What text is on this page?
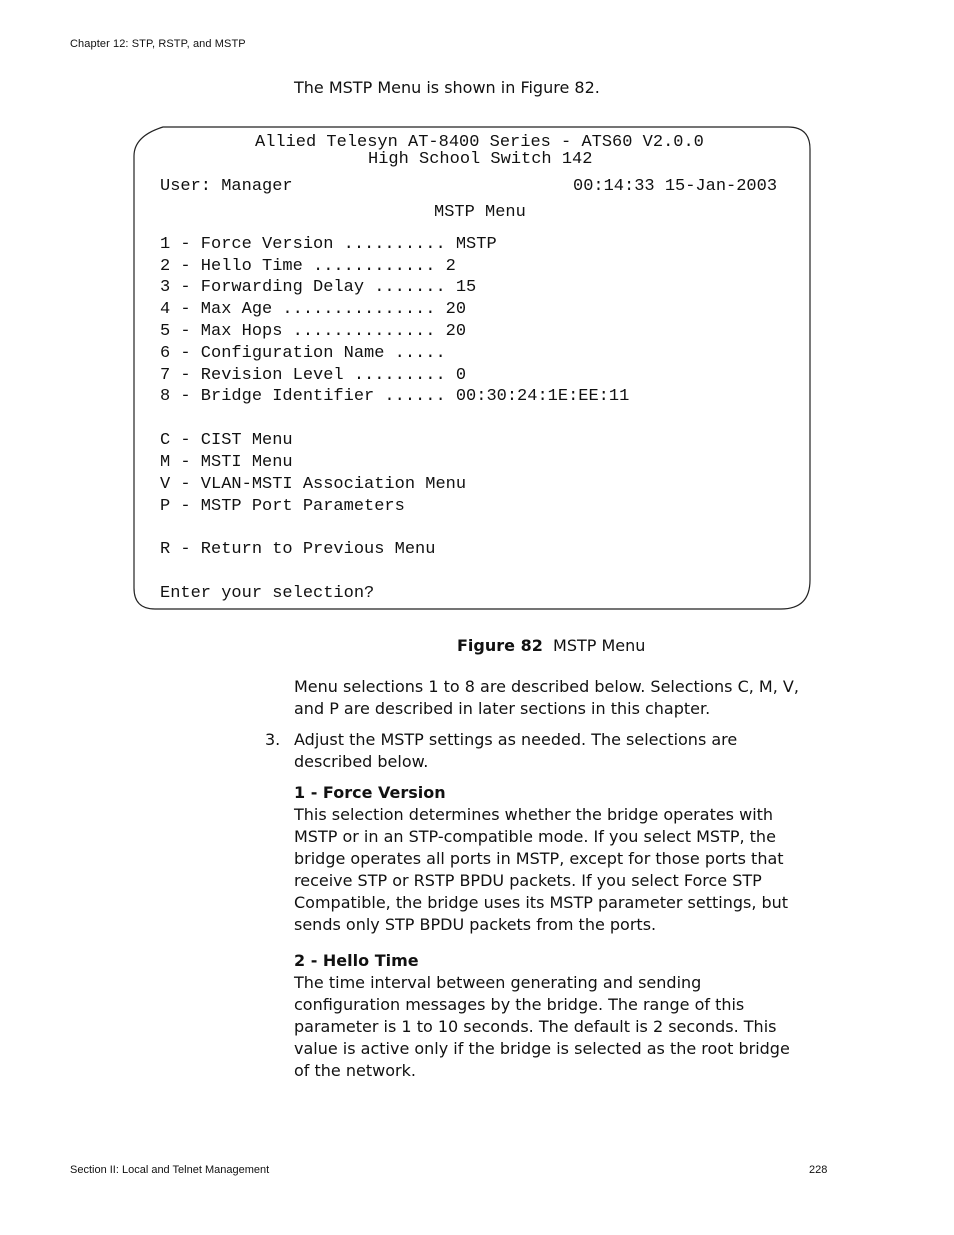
Chapter 12: STP, RSTP, and MSTP
The MSTP Menu is shown in Figure 82.
Allied Telesyn AT-8400 Series - ATS60 V2.0.0
High School Switch 142
User: Manager	00:14:33 15-Jan-2003
MSTP Menu
1 - Force Version .......... MSTP
2 - Hello Time ............ 2
3 - Forwarding Delay ....... 15
4 - Max Age ............... 20
5 - Max Hops .............. 20
6 - Configuration Name .....
7 - Revision Level ......... 0
8 - Bridge Identifier ...... 00:30:24:1E:EE:11
C - CIST Menu
M - MSTI Menu
V - VLAN-MSTI Association Menu
P - MSTP Port Parameters
R - Return to Previous Menu
Enter your selection?
Figure 82 MSTP Menu

Menu selections 1 to 8 are described below. Selections C, M, V, and P are described in later sections in this chapter.

3. Adjust the MSTP settings as needed. The selections are described below.

1 - Force Version

This selection determines whether the bridge operates with MSTP or in an STP-compatible mode. If you select MSTP, the bridge operates all ports in MSTP, except for those ports that receive STP or RSTP BPDU packets. If you select Force STP Compatible, the bridge uses its MSTP parameter settings, but sends only STP BPDU packets from the ports.

2 - Hello Time

The time interval between generating and sending configuration messages by the bridge. The range of this parameter is 1 to 10 seconds. The default is 2 seconds. This value is active only if the bridge is selected as the root bridge of the network.

Section II: Local and Telnet Management	228
